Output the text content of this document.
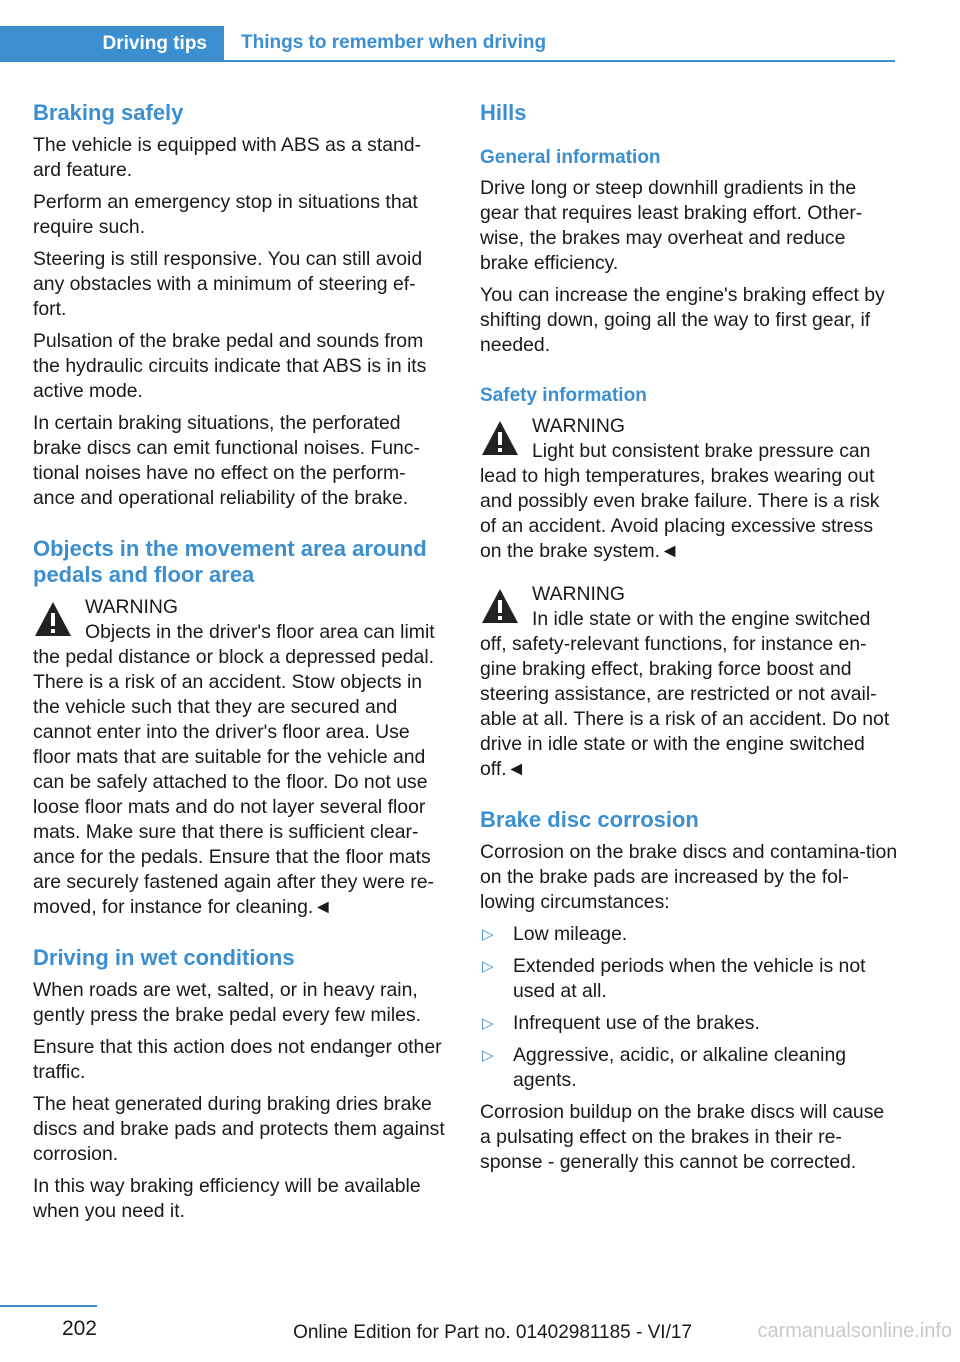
Driving tips	Things to remember when driving
Braking safely

The vehicle is equipped with ABS as a stand-ard feature.

Perform an emergency stop in situations that require such.

Steering is still responsive. You can still avoid any obstacles with a minimum of steering ef-fort.

Pulsation of the brake pedal and sounds from the hydraulic circuits indicate that ABS is in its active mode.

In certain braking situations, the perforated brake discs can emit functional noises. Func-tional noises have no effect on the perform-ance and operational reliability of the brake.

Objects in the movement area around pedals and floor area
WARNING
Objects in the driver's floor area can limit the pedal distance or block a depressed pedal. There is a risk of an accident. Stow objects in the vehicle such that they are secured and cannot enter into the driver's floor area. Use floor mats that are suitable for the vehicle and can be safely attached to the floor. Do not use loose floor mats and do not layer several floor mats. Make sure that there is sufficient clear-ance for the pedals. Ensure that the floor mats are securely fastened again after they were re-moved, for instance for cleaning.◄
Driving in wet conditions

When roads are wet, salted, or in heavy rain, gently press the brake pedal every few miles.

Ensure that this action does not endanger other traffic.

The heat generated during braking dries brake discs and brake pads and protects them against corrosion.

In this way braking efficiency will be available when you need it.

Hills
General information

Drive long or steep downhill gradients in the gear that requires least braking effort. Other-wise, the brakes may overheat and reduce brake efficiency.

You can increase the engine's braking effect by shifting down, going all the way to first gear, if needed.

Safety information
WARNING
Light but consistent brake pressure can lead to high temperatures, brakes wearing out and possibly even brake failure. There is a risk of an accident. Avoid placing excessive stress on the brake system.◄
WARNING
In idle state or with the engine switched off, safety-relevant functions, for instance en-gine braking effect, braking force boost and steering assistance, are restricted or not avail-able at all. There is a risk of an accident. Do not drive in idle state or with the engine switched off.◄
Brake disc corrosion

Corrosion on the brake discs and contamina-tion on the brake pads are increased by the fol-lowing circumstances:

▷ Low mileage.
▷ Extended periods when the vehicle is not used at all.
▷ Infrequent use of the brakes.
▷ Aggressive, acidic, or alkaline cleaning agents.

Corrosion buildup on the brake discs will cause a pulsating effect on the brakes in their re-sponse - generally this cannot be corrected.

202	Online Edition for Part no. 01402981185 - VI/17	carmanualsonline.info
